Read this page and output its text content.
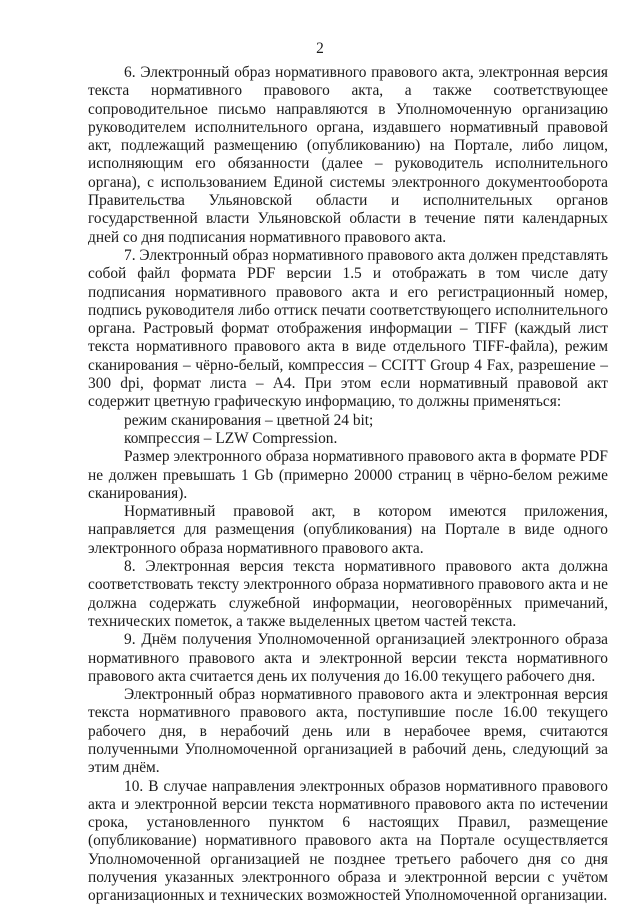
2

6. Электронный образ нормативного правового акта, электронная версия текста нормативного правового акта, а также соответствующее сопроводительное письмо направляются в Уполномоченную организацию руководителем исполнительного органа, издавшего нормативный правовой акт, подлежащий размещению (опубликованию) на Портале, либо лицом, исполняющим его обязанности (далее – руководитель исполнительного органа), с использованием Единой системы электронного документооборота Правительства Ульяновской области и исполнительных органов государственной власти Ульяновской области в течение пяти календарных дней со дня подписания нормативного правового акта.

7. Электронный образ нормативного правового акта должен представлять собой файл формата PDF версии 1.5 и отображать в том числе дату подписания нормативного правового акта и его регистрационный номер, подпись руководителя либо оттиск печати соответствующего исполнительного органа. Растровый формат отображения информации – TIFF (каждый лист текста нормативного правового акта в виде отдельного TIFF-файла), режим сканирования – чёрно-белый, компрессия – CCITT Group 4 Fax, разрешение – 300 dpi, формат листа – А4. При этом если нормативный правовой акт содержит цветную графическую информацию, то должны применяться:

режим сканирования – цветной 24 bit;

компрессия – LZW Compression.

Размер электронного образа нормативного правового акта в формате PDF не должен превышать 1 Gb (примерно 20000 страниц в чёрно-белом режиме сканирования).

Нормативный правовой акт, в котором имеются приложения, направляется для размещения (опубликования) на Портале в виде одного электронного образа нормативного правового акта.

8. Электронная версия текста нормативного правового акта должна соответствовать тексту электронного образа нормативного правового акта и не должна содержать служебной информации, неоговорённых примечаний, технических пометок, а также выделенных цветом частей текста.

9. Днём получения Уполномоченной организацией электронного образа нормативного правового акта и электронной версии текста нормативного правового акта считается день их получения до 16.00 текущего рабочего дня.

Электронный образ нормативного правового акта и электронная версия текста нормативного правового акта, поступившие после 16.00 текущего рабочего дня, в нерабочий день или в нерабочее время, считаются полученными Уполномоченной организацией в рабочий день, следующий за этим днём.

10. В случае направления электронных образов нормативного правового акта и электронной версии текста нормативного правового акта по истечении срока, установленного пунктом 6 настоящих Правил, размещение (опубликование) нормативного правового акта на Портале осуществляется Уполномоченной организацией не позднее третьего рабочего дня со дня получения указанных электронного образа и электронной версии с учётом организационных и технических возможностей Уполномоченной организации.
